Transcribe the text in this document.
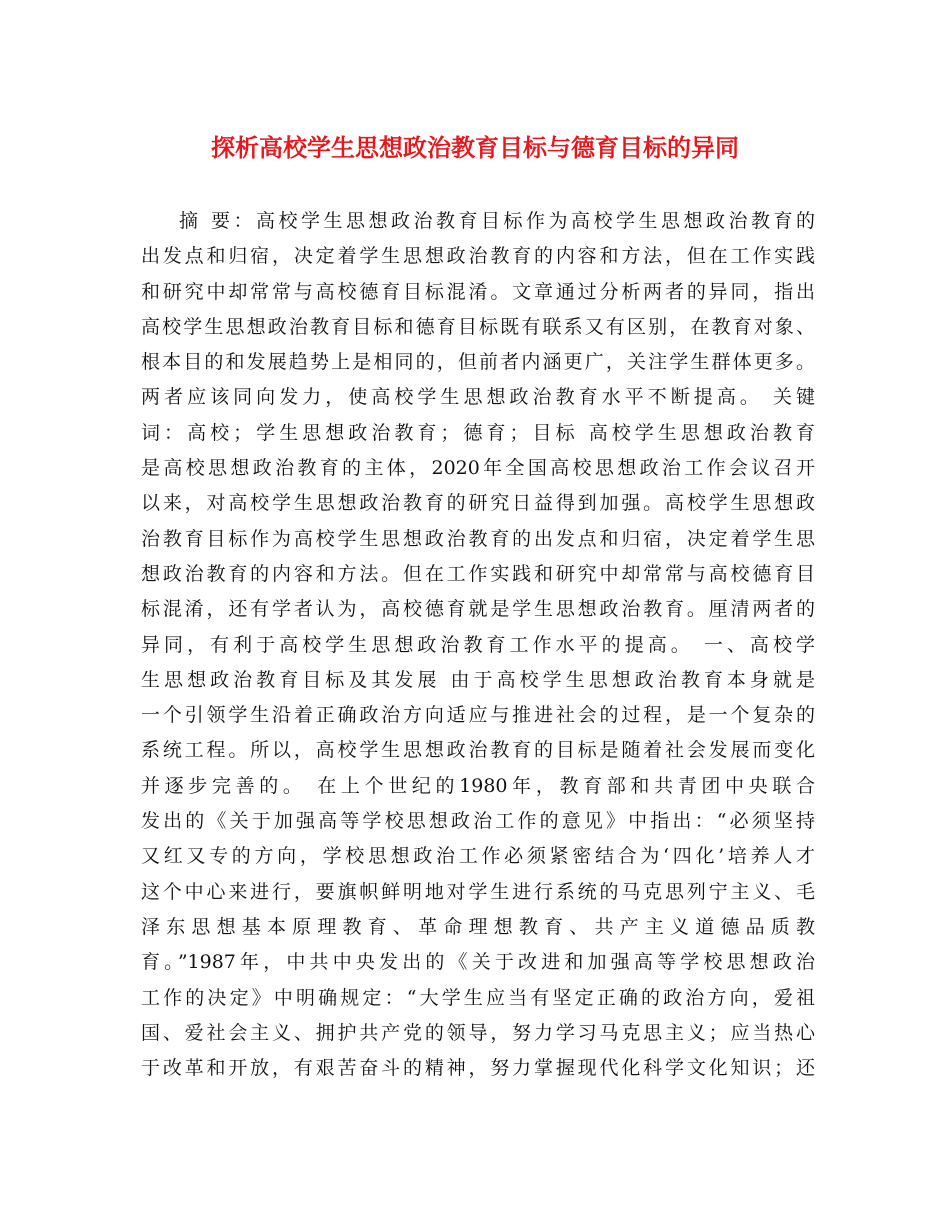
探析高校学生思想政治教育目标与德育目标的异同
摘 要：高校学生思想政治教育目标作为高校学生思想政治教育的
出发点和归宿，决定着学生思想政治教育的内容和方法，但在工作实践
和研究中却常常与高校德育目标混淆。文章通过分析两者的异同，指出
高校学生思想政治教育目标和德育目标既有联系又有区别，在教育对象、
根本目的和发展趋势上是相同的，但前者内涵更广，关注学生群体更多。
两者应该同向发力，使高校学生思想政治教育水平不断提高。 关键
词：高校；学生思想政治教育；德育；目标 高校学生思想政治教育
是高校思想政治教育的主体，2020年全国高校思想政治工作会议召开
以来，对高校学生思想政治教育的研究日益得到加强。高校学生思想政
治教育目标作为高校学生思想政治教育的出发点和归宿，决定着学生思
想政治教育的内容和方法。但在工作实践和研究中却常常与高校德育目
标混淆，还有学者认为，高校德育就是学生思想政治教育。厘清两者的
异同，有利于高校学生思想政治教育工作水平的提高。 一、高校学
生思想政治教育目标及其发展 由于高校学生思想政治教育本身就是
一个引领学生沿着正确政治方向适应与推进社会的过程，是一个复杂的
系统工程。所以，高校学生思想政治教育的目标是随着社会发展而变化
并逐步完善的。 在上个世纪的1980年，教育部和共青团中央联合
发出的《关于加强高等学校思想政治工作的意见》中指出：“必须坚持
又红又专的方向，学校思想政治工作必须紧密结合为‘四化’培养人才
这个中心来进行，要旗帜鲜明地对学生进行系统的马克思列宁主义、毛
泽东思想基本原理教育、革命理想教育、共产主义道德品质教
育。”1987年，中共中央发出的《关于改进和加强高等学校思想政治
工作的决定》中明确规定：“大学生应当有坚定正确的政治方向，爱祖
国、爱社会主义、拥护共产党的领导，努力学习马克思主义；应当热心
于改革和开放，有艰苦奋斗的精神，努力掌握现代化科学文化知识；还
